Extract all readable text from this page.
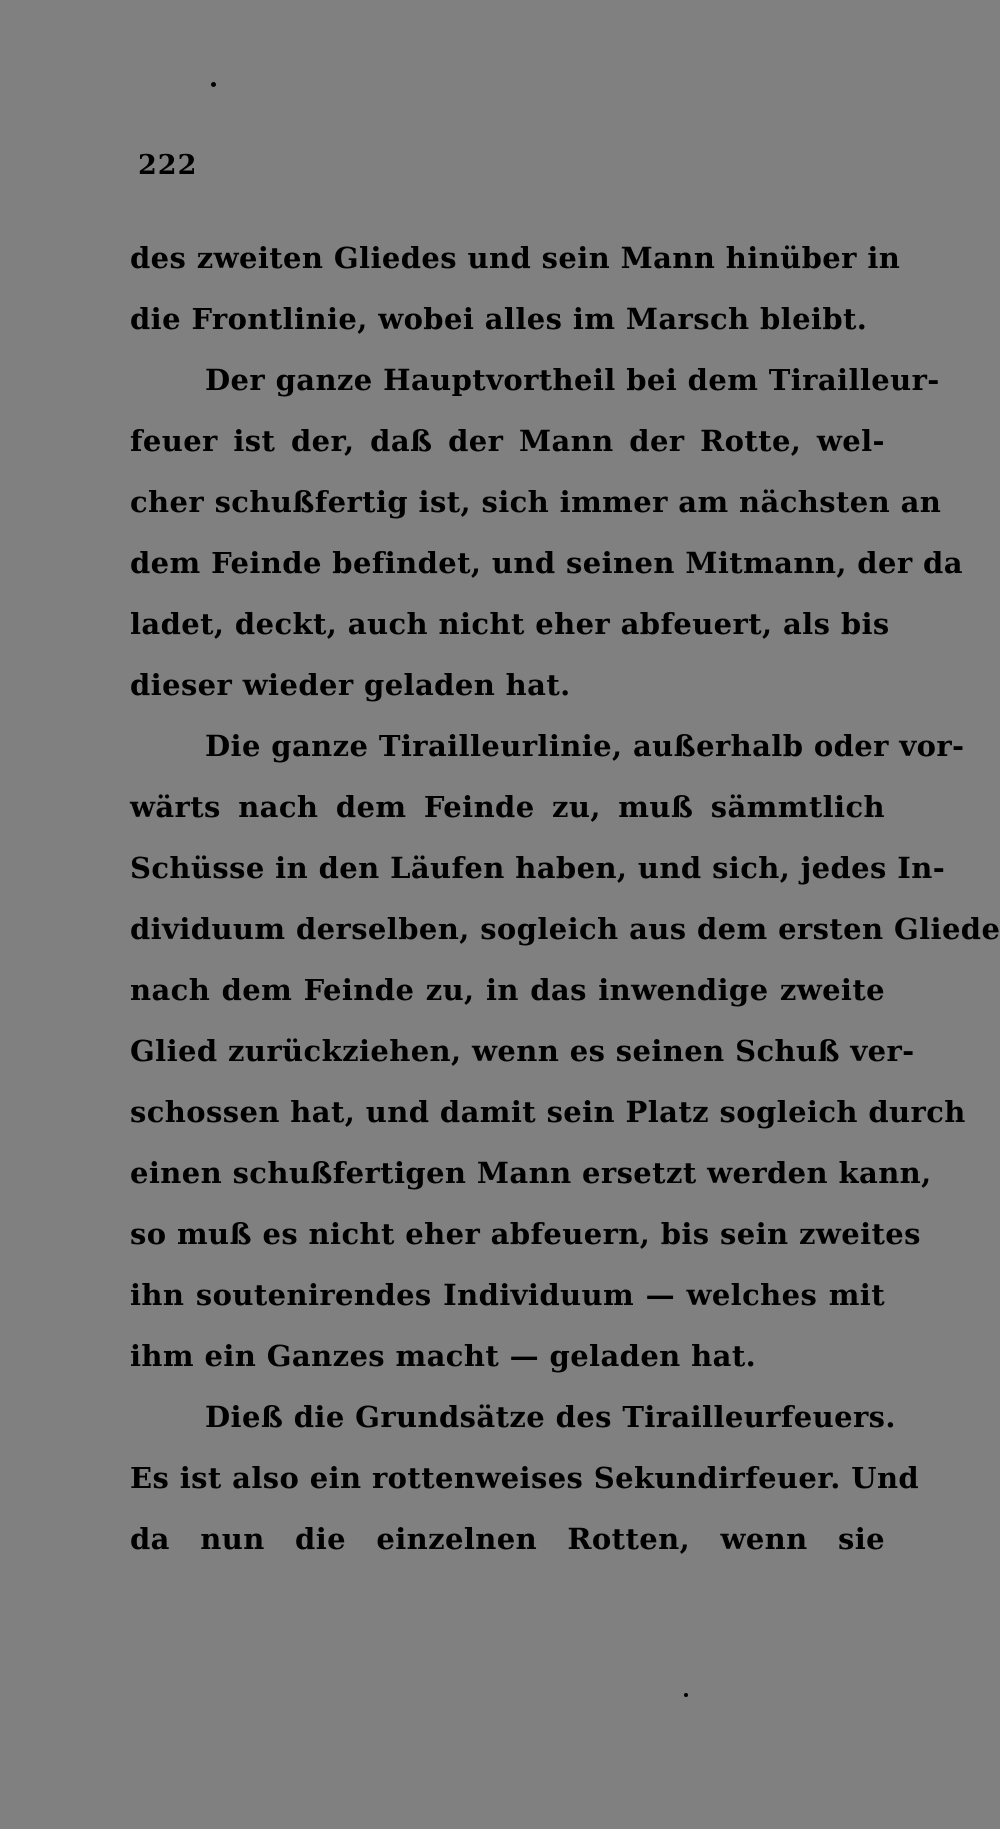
222
des zweiten Gliedes und sein Mann hinüber in
die Frontlinie, wobei alles im Marsch bleibt.
Der ganze Hauptvortheil bei dem Tirailleur-
feuer ist der, daß der Mann der Rotte, wel-
cher schußfertig ist, sich immer am nächsten an
dem Feinde befindet, und seinen Mitmann, der da
ladet, deckt, auch nicht eher abfeuert, als bis
dieser wieder geladen hat.
Die ganze Tirailleurlinie, außerhalb oder vor-
wärts nach dem Feinde zu, muß sämmtlich
Schüsse in den Läufen haben, und sich, jedes In-
dividuum derselben, sogleich aus dem ersten Gliede
nach dem Feinde zu, in das inwendige zweite
Glied zurückziehen, wenn es seinen Schuß ver-
schossen hat, und damit sein Platz sogleich durch
einen schußfertigen Mann ersetzt werden kann,
so muß es nicht eher abfeuern, bis sein zweites
ihn soutenirendes Individuum — welches mit
ihm ein Ganzes macht — geladen hat.
Dieß die Grundsätze des Tirailleurfeuers.
Es ist also ein rottenweises Sekundirfeuer. Und
da nun die einzelnen Rotten, wenn sie
